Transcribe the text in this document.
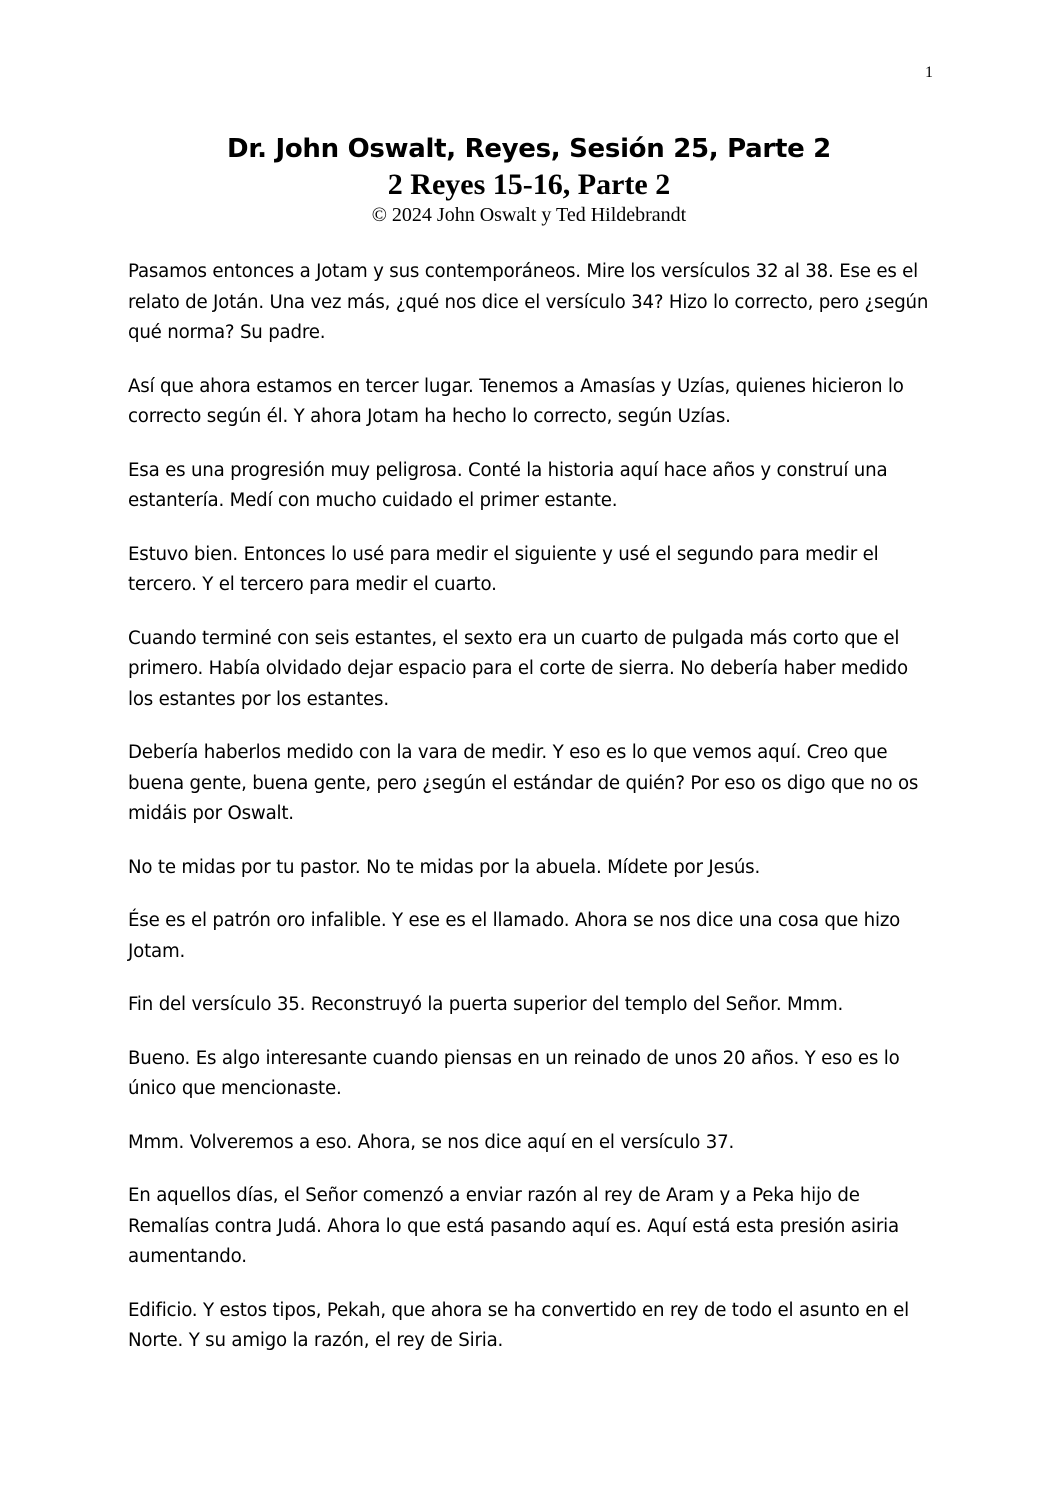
1
Dr. John Oswalt, Reyes, Sesión 25, Parte 2
2 Reyes 15-16, Parte 2

© 2024 John Oswalt y Ted Hildebrandt

Pasamos entonces a Jotam y sus contemporáneos. Mire los versículos 32 al 38. Ese es el relato de Jotán. Una vez más, ¿qué nos dice el versículo 34? Hizo lo correcto, pero ¿según qué norma? Su padre.

Así que ahora estamos en tercer lugar. Tenemos a Amasías y Uzías, quienes hicieron lo correcto según él. Y ahora Jotam ha hecho lo correcto, según Uzías.

Esa es una progresión muy peligrosa. Conté la historia aquí hace años y construí una estantería. Medí con mucho cuidado el primer estante.

Estuvo bien. Entonces lo usé para medir el siguiente y usé el segundo para medir el tercero. Y el tercero para medir el cuarto.

Cuando terminé con seis estantes, el sexto era un cuarto de pulgada más corto que el primero. Había olvidado dejar espacio para el corte de sierra. No debería haber medido los estantes por los estantes.

Debería haberlos medido con la vara de medir. Y eso es lo que vemos aquí. Creo que buena gente, buena gente, pero ¿según el estándar de quién? Por eso os digo que no os midáis por Oswalt.

No te midas por tu pastor. No te midas por la abuela. Mídete por Jesús.

Ése es el patrón oro infalible. Y ese es el llamado. Ahora se nos dice una cosa que hizo Jotam.

Fin del versículo 35. Reconstruyó la puerta superior del templo del Señor. Mmm.

Bueno. Es algo interesante cuando piensas en un reinado de unos 20 años. Y eso es lo único que mencionaste.

Mmm. Volveremos a eso. Ahora, se nos dice aquí en el versículo 37.

En aquellos días, el Señor comenzó a enviar razón al rey de Aram y a Peka hijo de Remalías contra Judá. Ahora lo que está pasando aquí es. Aquí está esta presión asiria aumentando.

Edificio. Y estos tipos, Pekah, que ahora se ha convertido en rey de todo el asunto en el Norte. Y su amigo la razón, el rey de Siria.
